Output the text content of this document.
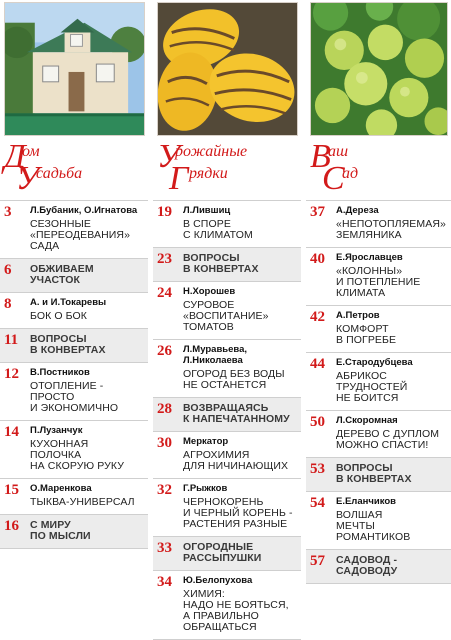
Д
ом
У
садьба
3 Л.Бубаник, О.Игнатова
СЕЗОННЫЕ
«ПЕРЕОДЕВАНИЯ»
САДА
6 ОБЖИВАЕМ
УЧАСТОК
8 А. и И.Токаревы
БОК О БОК
11 ВОПРОСЫ
В КОНВЕРТАХ
12 В.Постников
ОТОПЛЕНИЕ -
ПРОСТО
И ЭКОНОМИЧНО
14 П.Лузанчук
КУХОННАЯ
ПОЛОЧКА
НА СКОРУЮ РУКУ
15 О.Маренкова
ТЫКВА-УНИВЕРСАЛ
16 С МИРУ
ПО МЫСЛИ
У
рожайные
Г рядки
19 Л.Лившиц
В СПОРЕ
С КЛИМАТОМ
23 ВОПРОСЫ
В КОНВЕРТАХ
24 Н.Хорошев
СУРОВОЕ
«ВОСПИТАНИЕ»
ТОМАТОВ
26 Л.Муравьева,
Л.Николаева
ОГОРОД БЕЗ ВОДЫ
НЕ ОСТАНЕТСЯ
28 ВОЗВРАЩАЯСЬ
К НАПЕЧАТАННОМУ
30 Меркатор
АГРОХИМИЯ
ДЛЯ НИЧИНАЮЩИХ
32 Г.Рыжков
ЧЕРНОКОРЕНЬ
И ЧЕРНЫЙ КОРЕНЬ -
РАСТЕНИЯ РАЗНЫЕ
33 ОГОРОДНЫЕ
РАССЫПУШКИ
34 Ю.Белопухова
ХИМИЯ:
НАДО НЕ БОЯТЬСЯ,
А ПРАВИЛЬНО
ОБРАЩАТЬСЯ
В
аш
С
ад
37 А.Дереза
«НЕПОТОПЛЯЕМАЯ»
ЗЕМЛЯНИКА
40 Е.Ярославцев
«КОЛОННЫ»
И ПОТЕПЛЕНИЕ
КЛИМАТА
42 А.Петров
КОМФОРТ
В ПОГРЕБЕ
44 Е.Стародубцева
АБРИКОС
ТРУДНОСТЕЙ
НЕ БОИТСЯ
50 Л.Скоромная
ДЕРЕВО С ДУПЛОМ
МОЖНО СПАСТИ!
53 ВОПРОСЫ
В КОНВЕРТАХ
54 Е.Еланчиков
ВОЛШАЯ
МЕЧТЫ
РОМАНТИКОВ
57 САДОВОД -
САДОВОДУ
